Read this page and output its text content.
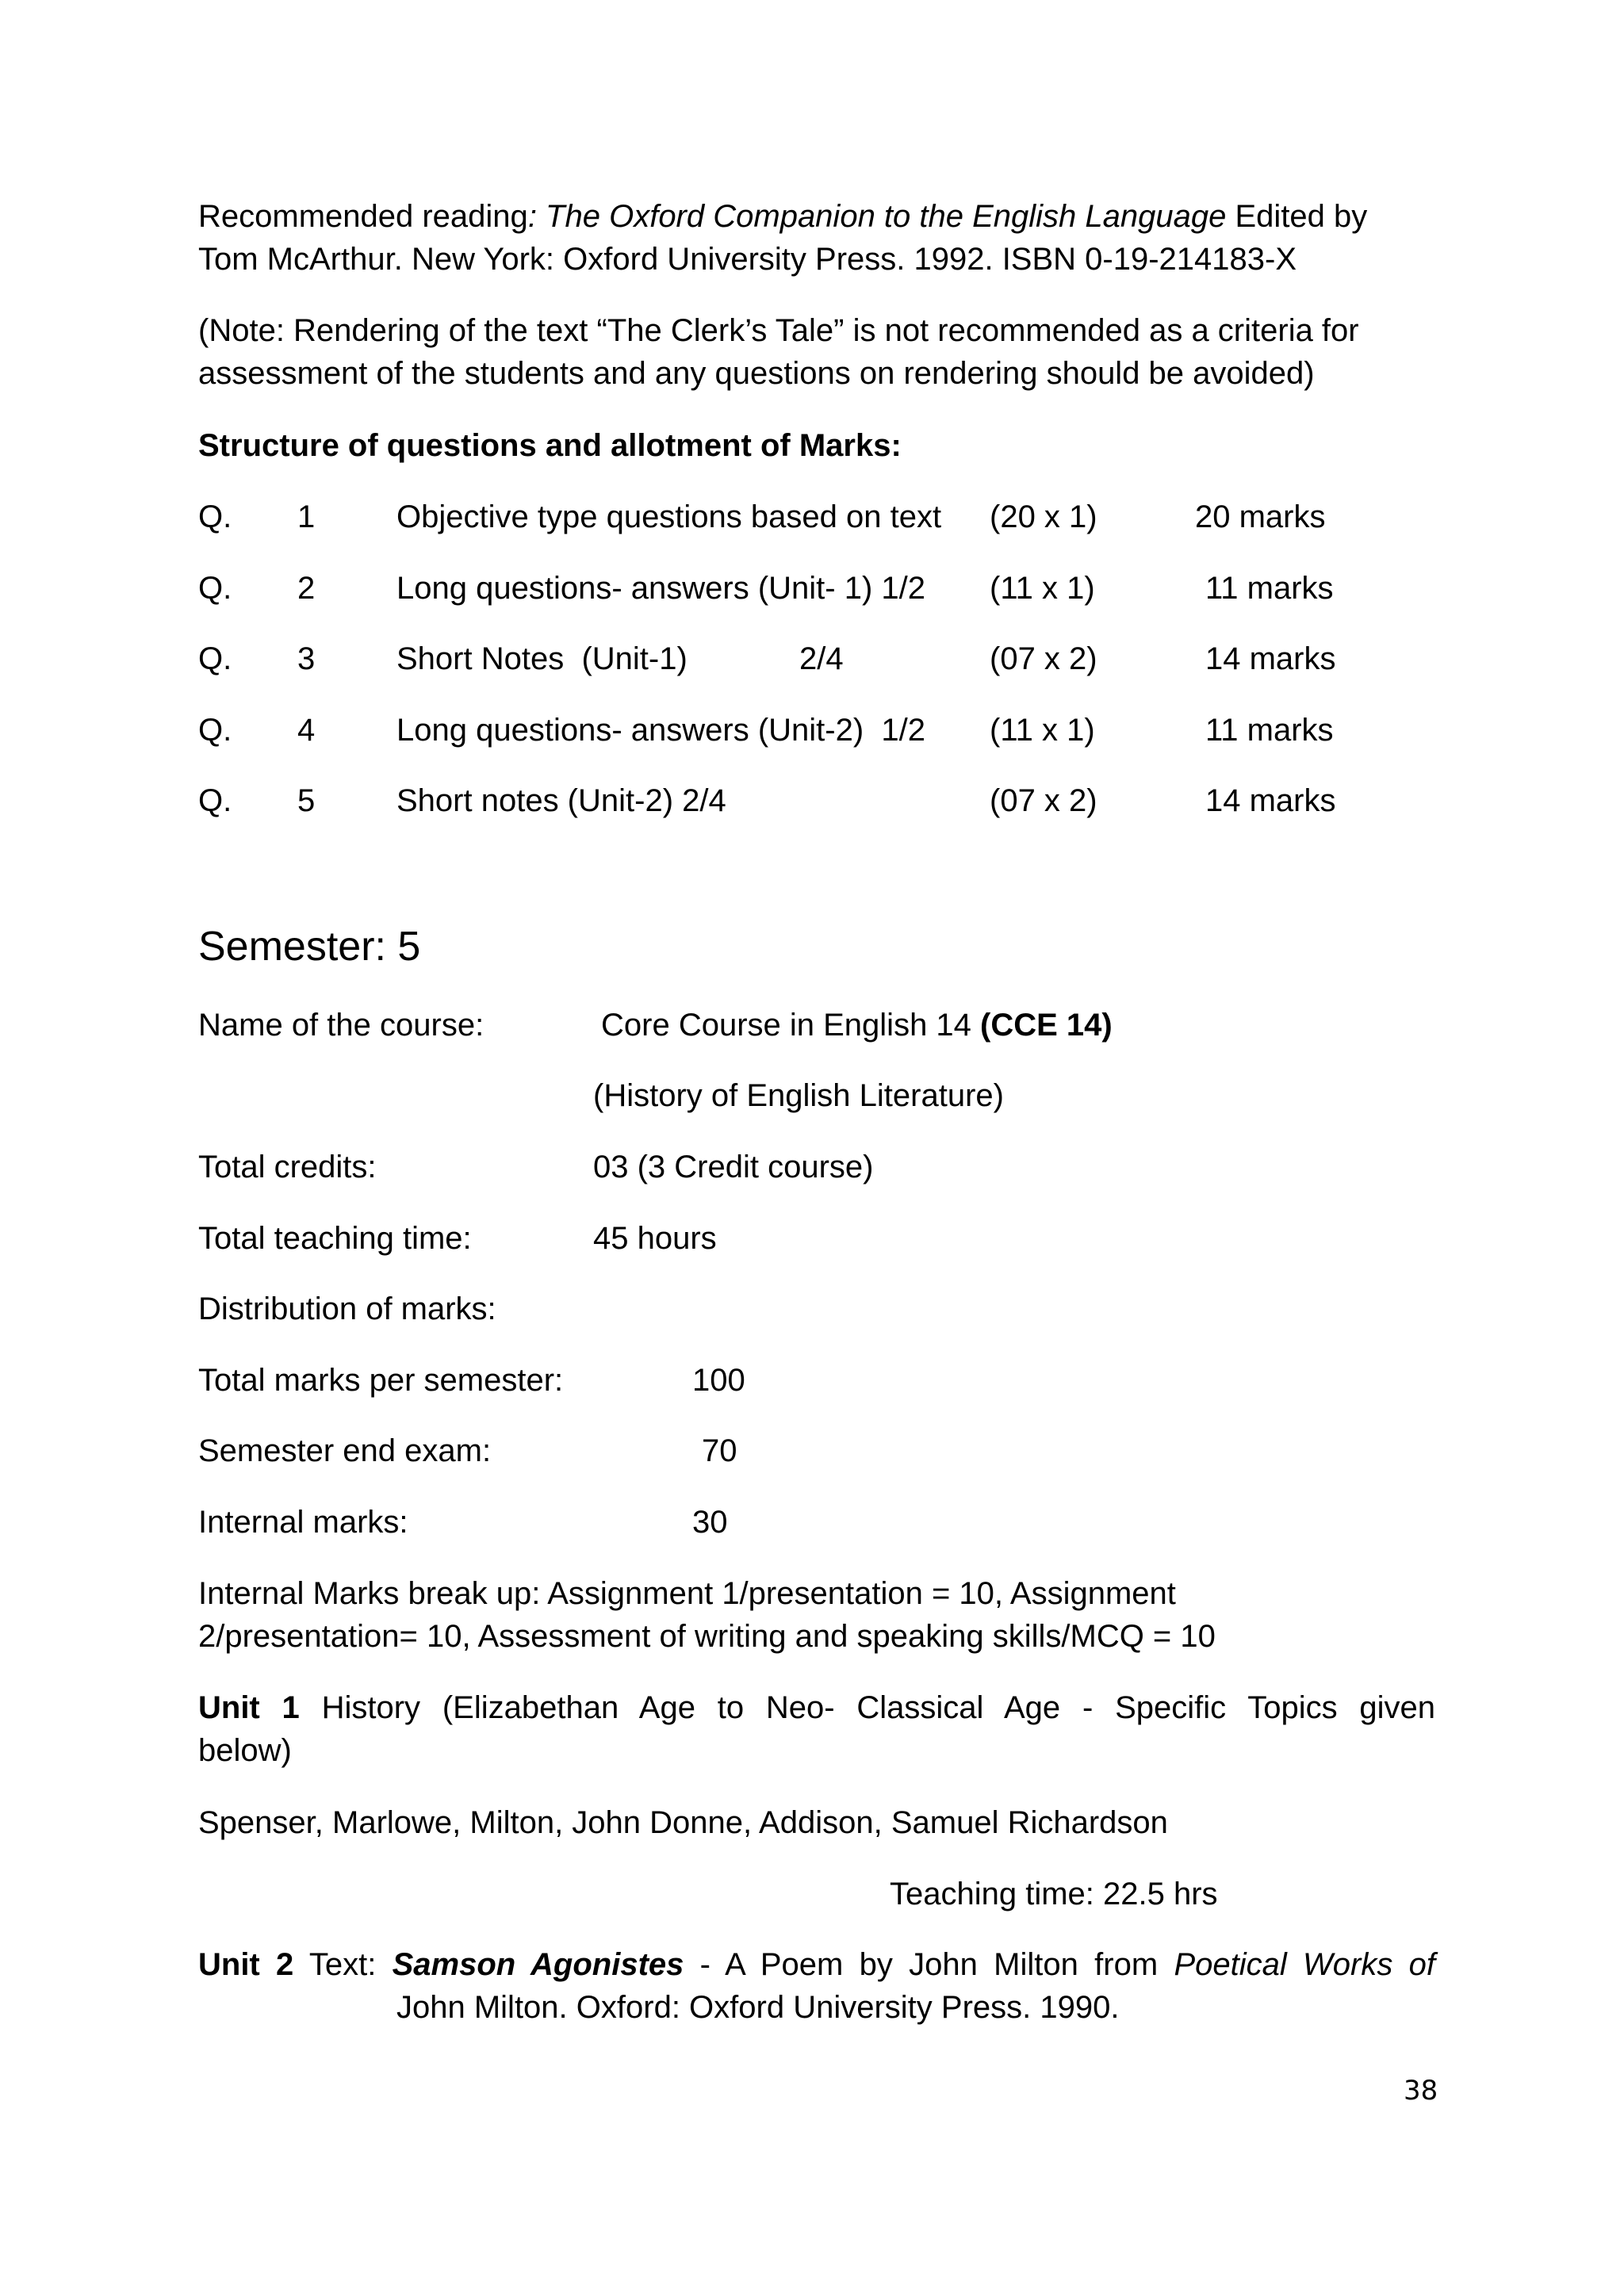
Recommended reading: The Oxford Companion to the English Language Edited by
Tom McArthur. New York: Oxford University Press. 1992. ISBN 0-19-214183-X
(Note: Rendering of the text “The Clerk’s Tale” is not recommended as a criteria for
assessment of the students and any questions on rendering should be avoided)
Structure of questions and allotment of Marks:
Q. 1	Objective type questions based on text (20 x 1)	20 marks
Q. 2	Long questions- answers (Unit- 1) 1/2 (11 x 1)	11 marks
Q. 3	Short Notes  (Unit-1)	2/4	(07 x 2)	14 marks
Q. 4	Long questions- answers (Unit-2)  1/2 (11 x 1)	11 marks
Q. 5	Short notes (Unit-2) 2/4	(07 x 2)	14 marks
Semester: 5
Name of the course:	Core Course in English 14 (CCE 14)
(History of English Literature)
Total credits:	03 (3 Credit course)
Total teaching time:	45 hours
Distribution of marks:
Total marks per semester:	100
Semester end exam:	70
Internal marks:	30
Internal Marks break up: Assignment 1/presentation = 10, Assignment
2/presentation= 10, Assessment of writing and speaking skills/MCQ = 10
Unit 1 History (Elizabethan Age to Neo- Classical Age - Specific Topics given
below)
Spenser, Marlowe, Milton, John Donne, Addison, Samuel Richardson
Teaching time: 22.5 hrs
Unit 2 Text: Samson Agonistes - A Poem by John Milton from Poetical Works of
John Milton. Oxford: Oxford University Press. 1990.
38
